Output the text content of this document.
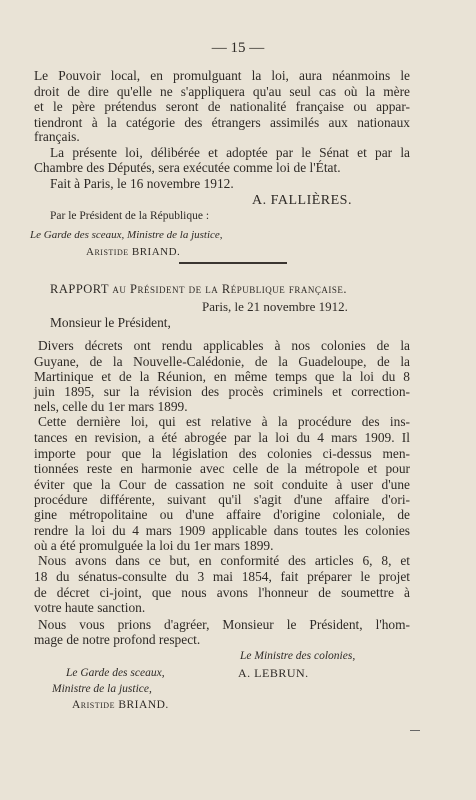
— 15 —
Le Pouvoir local, en promulguant la loi, aura néanmoins le
droit de dire qu'elle ne s'appliquera qu'au seul cas où la mère
et le père prétendus seront de nationalité française ou appar-
tiendront à la catégorie des étrangers assimilés aux nationaux
français.
La présente loi, délibérée et adoptée par le Sénat et par la
Chambre des Députés, sera exécutée comme loi de l'État.
Fait à Paris, le 16 novembre 1912.
A. FALLIÈRES.
Par le Président de la République :
Le Garde des sceaux, Ministre de la justice,
Aristide BRIAND.
RAPPORT au Président de la République française.
Paris, le 21 novembre 1912.
Monsieur le Président,
Divers décrets ont rendu applicables à nos colonies de la
Guyane, de la Nouvelle-Calédonie, de la Guadeloupe, de la
Martinique et de la Réunion, en même temps que la loi du 8
juin 1895, sur la révision des procès criminels et correction-
nels, celle du 1er mars 1899.
Cette dernière loi, qui est relative à la procédure des ins-
tances en revision, a été abrogée par la loi du 4 mars 1909. Il
importe pour que la législation des colonies ci-dessus men-
tionnées reste en harmonie avec celle de la métropole et pour
éviter que la Cour de cassation ne soit conduite à user d'une
procédure différente, suivant qu'il s'agit d'une affaire d'ori-
gine métropolitaine ou d'une affaire d'origine coloniale, de
rendre la loi du 4 mars 1909 applicable dans toutes les colonies
où a été promulguée la loi du 1er mars 1899.
Nous avons dans ce but, en conformité des articles 6, 8, et
18 du sénatus-consulte du 3 mai 1854, fait préparer le projet
de décret ci-joint, que nous avons l'honneur de soumettre à
votre haute sanction.
Nous vous prions d'agréer, Monsieur le Président, l'hom-
mage de notre profond respect.
Le Ministre des colonies,
A. LEBRUN.
Le Garde des sceaux,
Ministre de la justice,
Aristide BRIAND.
